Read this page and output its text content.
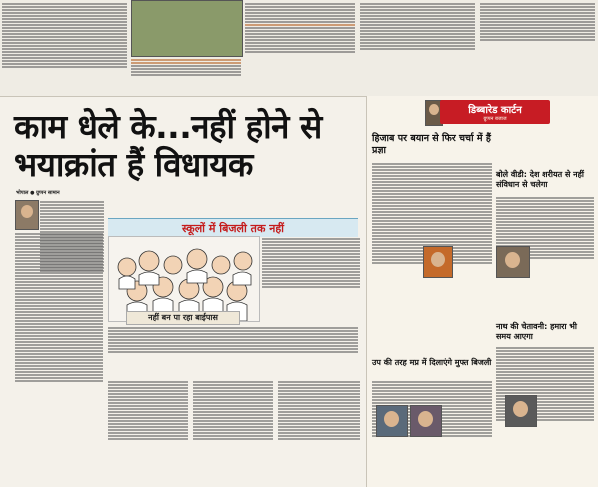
काम धेले के...नहीं होने से
भयाक्रांत हैं विधायक
भोपाल ● ग्रुप्पन सामान
स्कूलों में बिजली तक नहीं
नहीं बन पा रहा बाईपास
डिब्बारेड कार्टन
ग्रुप्पन बजाज
हिजाब पर बयान से फिर चर्चा में हैं प्रज्ञा
उप की तरह मप्र में दिलाएंगे मुफ्त बिजली
बोले वीडी: देश शरीयत से नहीं संविधान से चलेगा
नाथ की चेतावनी: हमारा भी समय आएगा
